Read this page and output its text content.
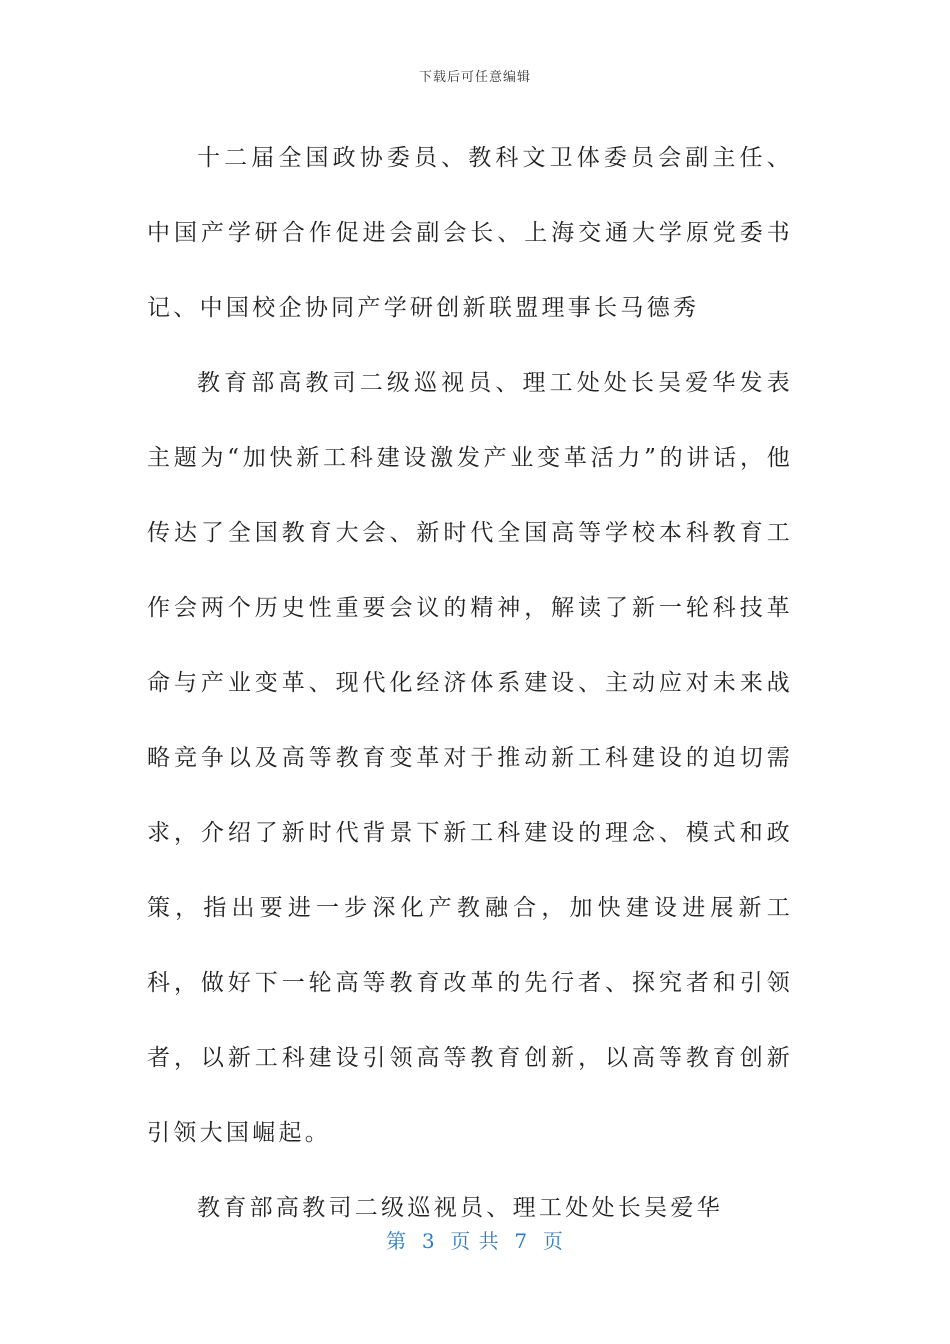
下载后可任意编辑

十二届全国政协委员、教科文卫体委员会副主任、中国产学研合作促进会副会长、上海交通大学原党委书记、中国校企协同产学研创新联盟理事长马德秀

教育部高教司二级巡视员、理工处处长吴爱华发表主题为“加快新工科建设激发产业变革活力”的讲话，他传达了全国教育大会、新时代全国高等学校本科教育工作会两个历史性重要会议的精神，解读了新一轮科技革命与产业变革、现代化经济体系建设、主动应对未来战略竞争以及高等教育变革对于推动新工科建设的迫切需求，介绍了新时代背景下新工科建设的理念、模式和政策，指出要进一步深化产教融合，加快建设进展新工科，做好下一轮高等教育改革的先行者、探究者和引领者，以新工科建设引领高等教育创新，以高等教育创新引领大国崛起。

教育部高教司二级巡视员、理工处处长吴爱华

第  3  页 共  7  页
